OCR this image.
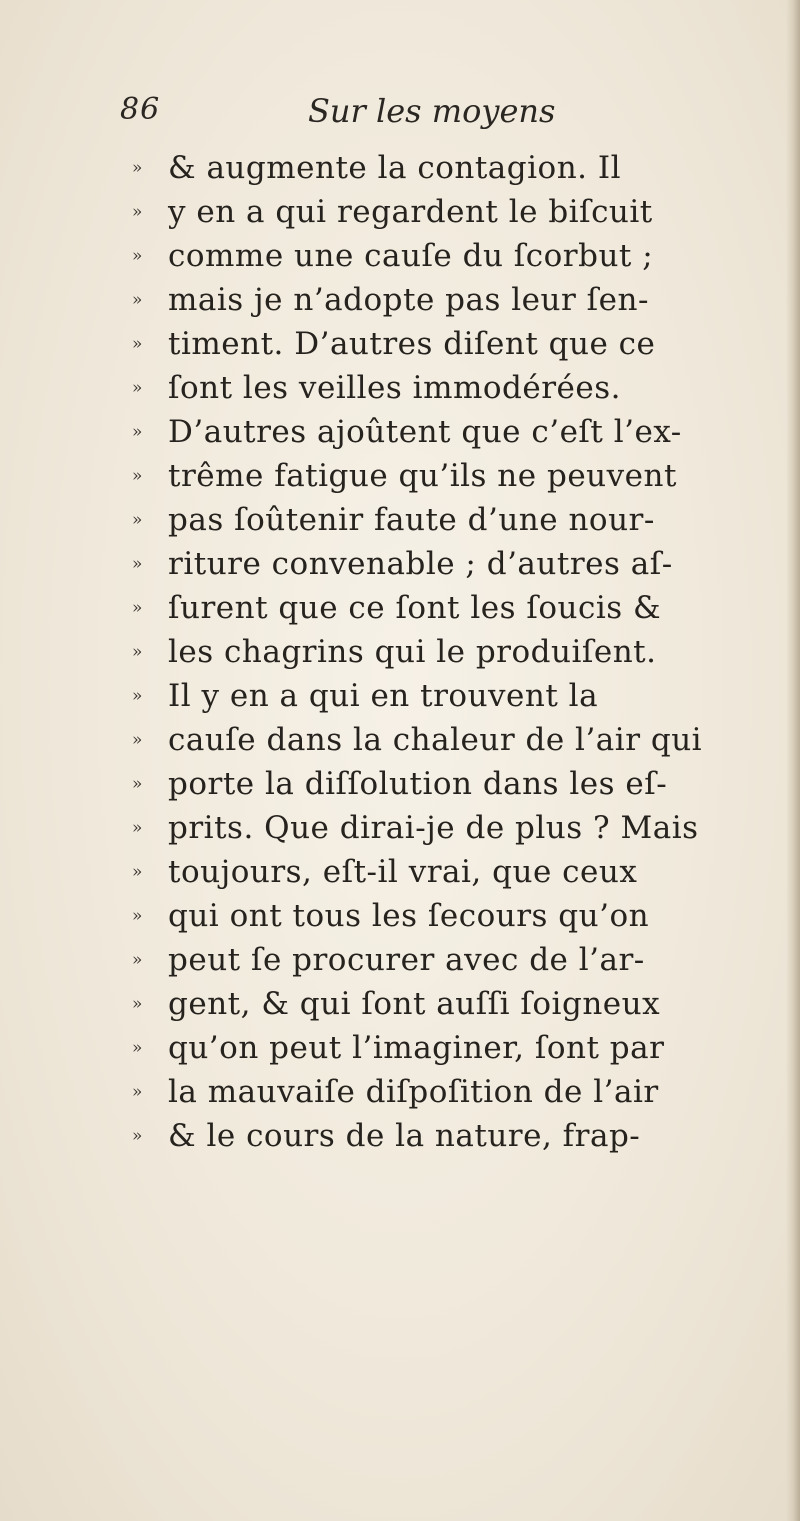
86	Sur les moyens
» & augmente la contagion. Il
» y en a qui regardent le biſcuit
» comme une cauſe du ſcorbut ;
» mais je n’adopte pas leur ſen-
» timent. D’autres diſent que ce
» ſont les veilles immodérées.
» D’autres ajoûtent que c’eſt l’ex-
» trême fatigue qu’ils ne peuvent
» pas ſoûtenir faute d’une nour-
» riture convenable ; d’autres aſ-
» ſurent que ce ſont les ſoucis &
» les chagrins qui le produiſent.
» Il y en a qui en trouvent la
» cauſe dans la chaleur de l’air qui
» porte la diſſolution dans les eſ-
» prits. Que dirai-je de plus ? Mais
» toujours, eſt-il vrai, que ceux
» qui ont tous les ſecours qu’on
» peut ſe procurer avec de l’ar-
» gent, & qui ſont auſſi ſoigneux
» qu’on peut l’imaginer, ſont par
» la mauvaiſe diſpoſition de l’air
» & le cours de la nature, frap-
